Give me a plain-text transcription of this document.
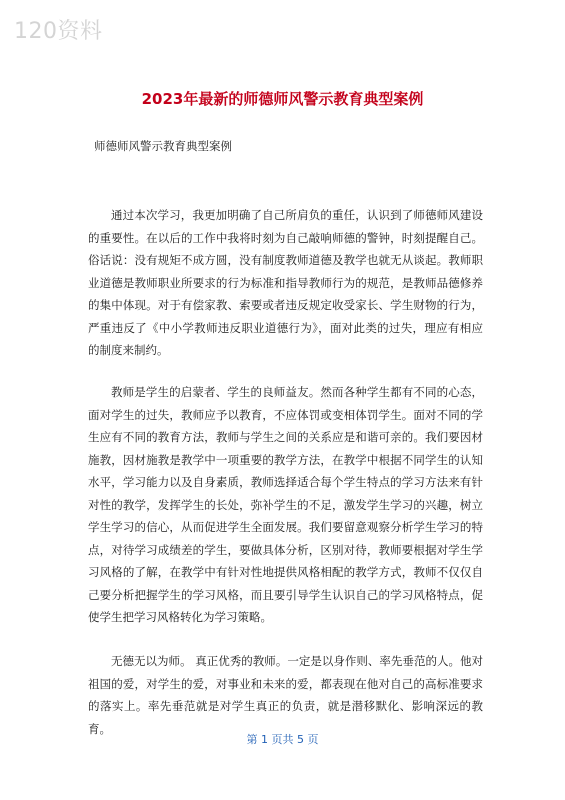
120资料
2023年最新的师德师风警示教育典型案例
师德师风警示教育典型案例

通过本次学习，我更加明确了自己所肩负的重任，认识到了师德师风建设的重要性。在以后的工作中我将时刻为自己敲响师德的警钟，时刻提醒自己。俗话说：没有规矩不成方圆，没有制度教师道德及教学也就无从谈起。教师职业道德是教师职业所要求的行为标准和指导教师行为的规范，是教师品德修养的集中体现。对于有偿家教、索要或者违反规定收受家长、学生财物的行为，严重违反了《中小学教师违反职业道德行为》，面对此类的过失，理应有相应的制度来制约。

教师是学生的启蒙者、学生的良师益友。然而各种学生都有不同的心态，面对学生的过失，教师应予以教育，不应体罚或变相体罚学生。面对不同的学生应有不同的教育方法，教师与学生之间的关系应是和谐可亲的。我们要因材施教，因材施教是教学中一项重要的教学方法，在教学中根据不同学生的认知水平，学习能力以及自身素质，教师选择适合每个学生特点的学习方法来有针对性的教学，发挥学生的长处，弥补学生的不足，激发学生学习的兴趣，树立学生学习的信心，从而促进学生全面发展。我们要留意观察分析学生学习的特点，对待学习成绩差的学生，要做具体分析，区别对待，教师要根据对学生学习风格的了解，在教学中有针对性地提供风格相配的教学方式，教师不仅仅自己要分析把握学生的学习风格，而且要引导学生认识自己的学习风格特点，促使学生把学习风格转化为学习策略。

无德无以为师。 真正优秀的教师。一定是以身作则、率先垂范的人。他对祖国的爱，对学生的爱，对事业和未来的爱，都表现在他对自己的高标准要求的落实上。率先垂范就是对学生真正的负责，就是潜移默化、影响深远的教育。

第 1 页共 5 页
